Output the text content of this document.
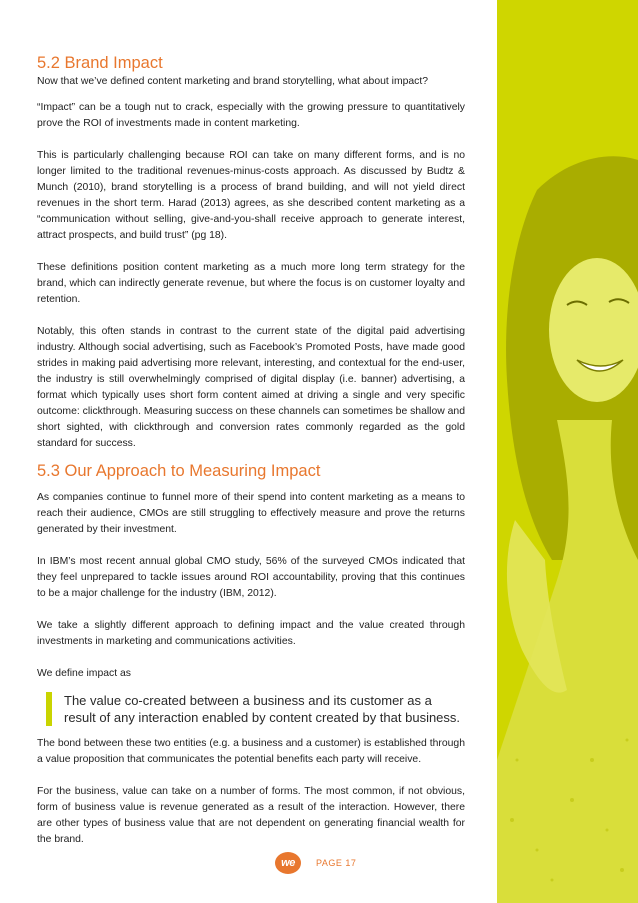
5.2 Brand Impact

Now that we’ve defined content marketing and brand storytelling, what about impact?

“Impact” can be a tough nut to crack, especially with the growing pressure to quantitatively prove the ROI of investments made in content marketing.

This is particularly challenging because ROI can take on many different forms, and is no longer limited to the traditional revenues-minus-costs approach. As discussed by Budtz & Munch (2010), brand storytelling is a process of brand building, and will not yield direct revenues in the short term. Harad (2013) agrees, as she described content marketing as a “communication without selling, give-and-you-shall receive approach to generate interest, attract prospects, and build trust” (pg 18).

These definitions position content marketing as a much more long term strategy for the brand, which can indirectly generate revenue, but where the focus is on customer loyalty and retention.

Notably, this often stands in contrast to the current state of the digital paid advertising industry. Although social advertising, such as Facebook’s Promoted Posts, have made good strides in making paid advertising more relevant, interesting, and contextual for the end-user, the industry is still overwhelmingly comprised of digital display (i.e. banner) advertising, a format which typically uses short form content aimed at driving a single and very specific outcome: clickthrough. Measuring success on these channels can sometimes be shallow and short sighted, with clickthrough and conversion rates commonly regarded as the gold standard for success.

5.3 Our Approach to Measuring Impact

As companies continue to funnel more of their spend into content marketing as a means to reach their audience, CMOs are still struggling to effectively measure and prove the returns generated by their investment.

In IBM’s most recent annual global CMO study, 56% of the surveyed CMOs indicated that they feel unprepared to tackle issues around ROI accountability, proving that this continues to be a major challenge for the industry (IBM, 2012).

We take a slightly different approach to defining impact and the value created through investments in marketing and communications activities.

We define impact as

The value co-created between a business and its customer as a result of any interaction enabled by content created by that business.

The bond between these two entities (e.g. a business and a customer) is established through a value proposition that communicates the potential benefits each party will receive.

For the business, value can take on a number of forms. The most common, if not obvious, form of business value is revenue generated as a result of the interaction. However, there are other types of business value that are not dependent on generating financial wealth for the brand.

we PAGE 17
